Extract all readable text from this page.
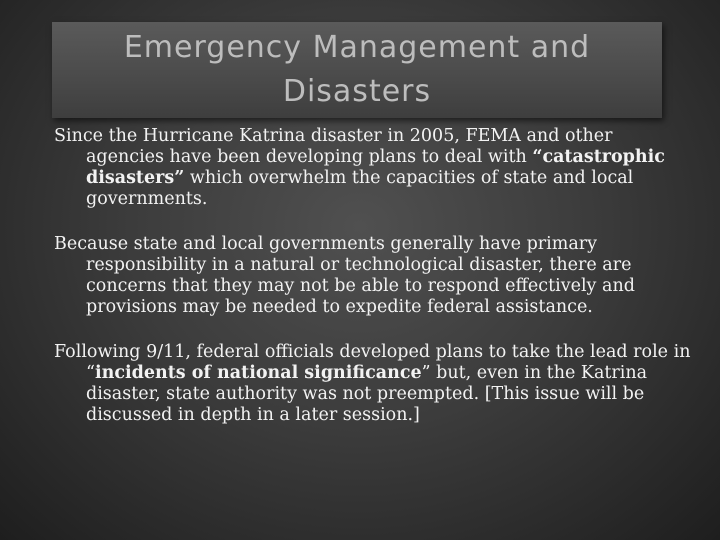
Emergency Management and Disasters

Since the Hurricane Katrina disaster in 2005, FEMA and other agencies have been developing plans to deal with “catastrophic disasters” which overwhelm the capacities of state and local governments.

Because state and local governments generally have primary responsibility in a natural or technological disaster, there are concerns that they may not be able to respond effectively and provisions may be needed to expedite federal assistance.

Following 9/11, federal officials developed plans to take the lead role in “incidents of national significance” but, even in the Katrina disaster, state authority was not preempted. [This issue will be discussed in depth in a later session.]
